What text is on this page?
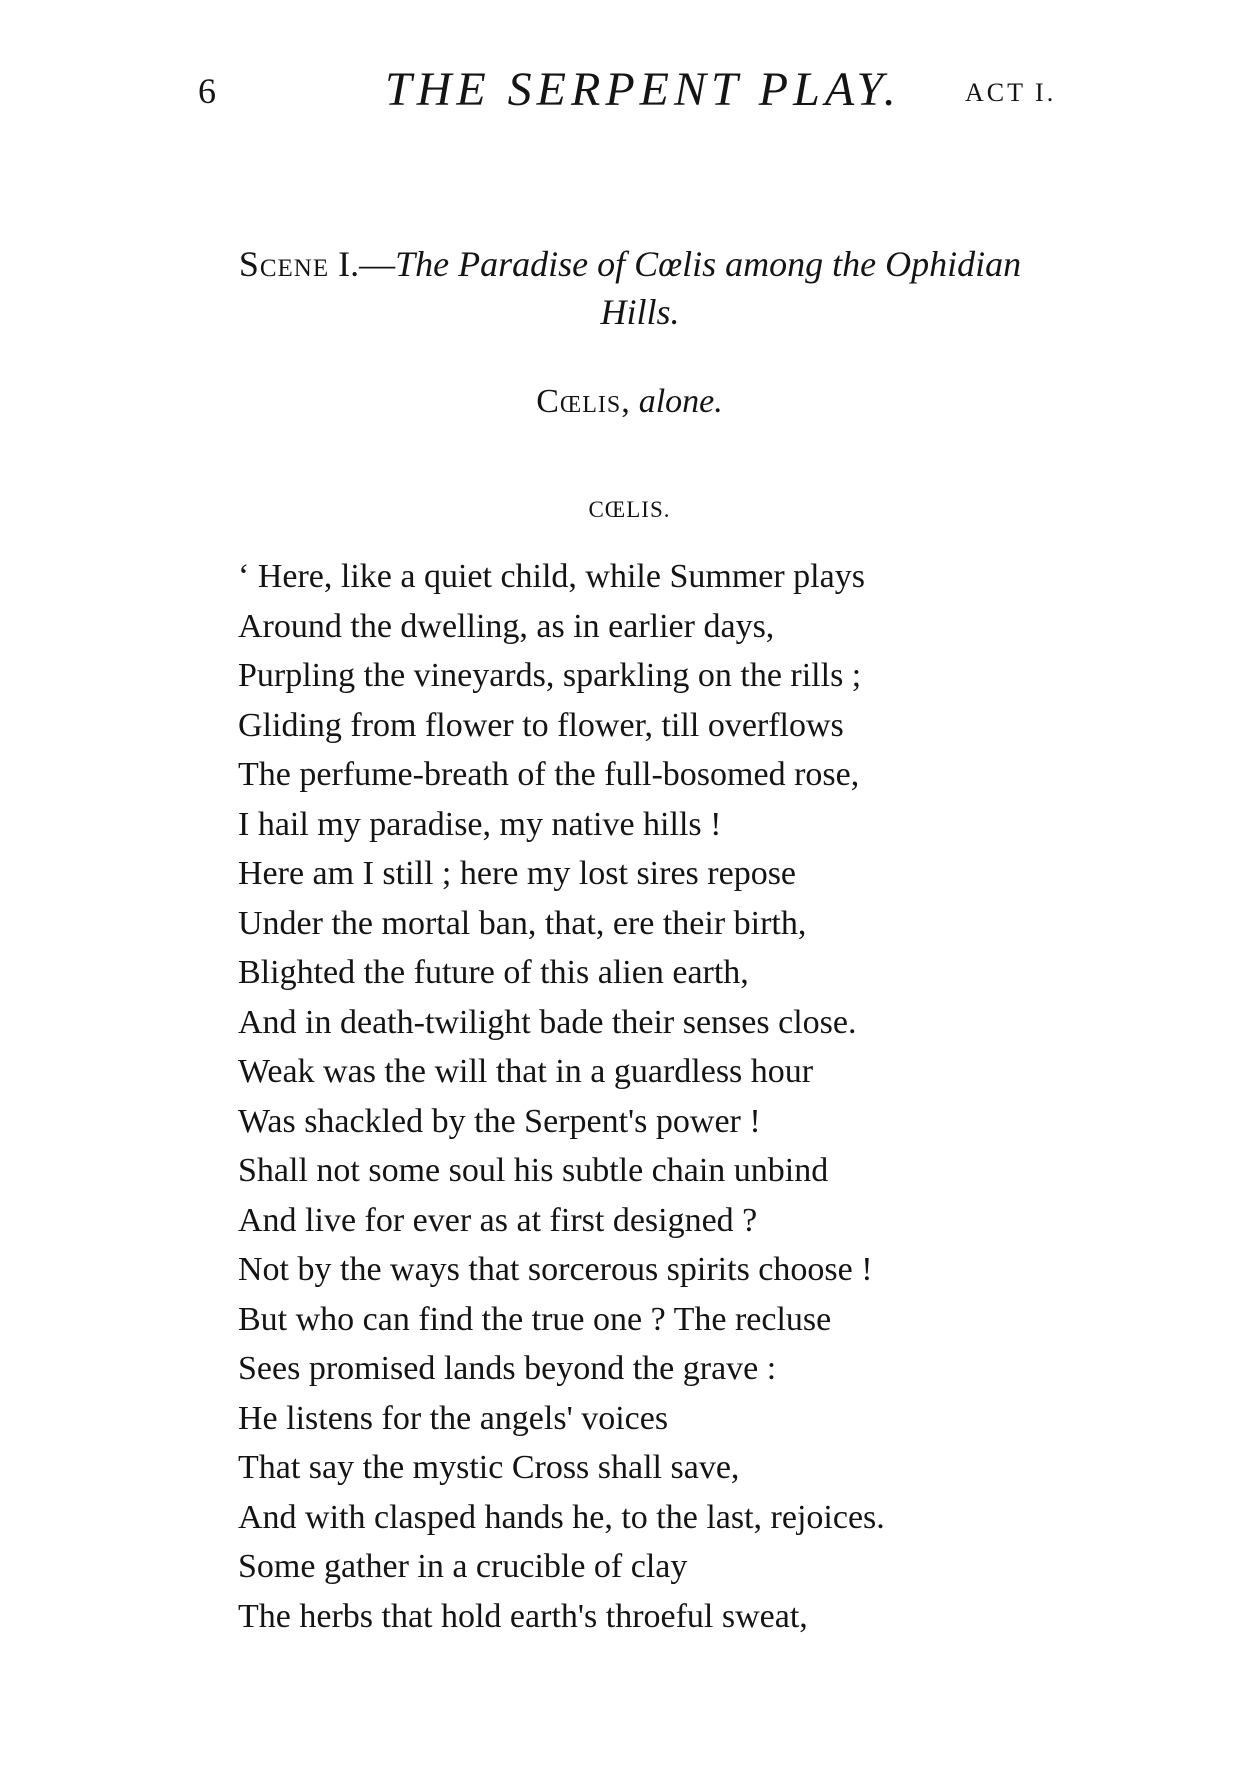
6	THE SERPENT PLAY. ACT I.
Scene I.—The Paradise of Cœlis among the Ophidian
Hills.
Cœlis, alone.
CŒLIS.
‘ Here, like a quiet child, while Summer plays
Around the dwelling, as in earlier days,
Purpling the vineyards, sparkling on the rills ;
Gliding from flower to flower, till overflows
The perfume-breath of the full-bosomed rose,
I hail my paradise, my native hills !
Here am I still ; here my lost sires repose
Under the mortal ban, that, ere their birth,
Blighted the future of this alien earth,
And in death-twilight bade their senses close.
Weak was the will that in a guardless hour
Was shackled by the Serpent's power !
Shall not some soul his subtle chain unbind
And live for ever as at first designed ?
Not by the ways that sorcerous spirits choose !
But who can find the true one ? The recluse
Sees promised lands beyond the grave :
He listens for the angels' voices
That say the mystic Cross shall save,
And with clasped hands he, to the last, rejoices.
Some gather in a crucible of clay
The herbs that hold earth's throeful sweat,
